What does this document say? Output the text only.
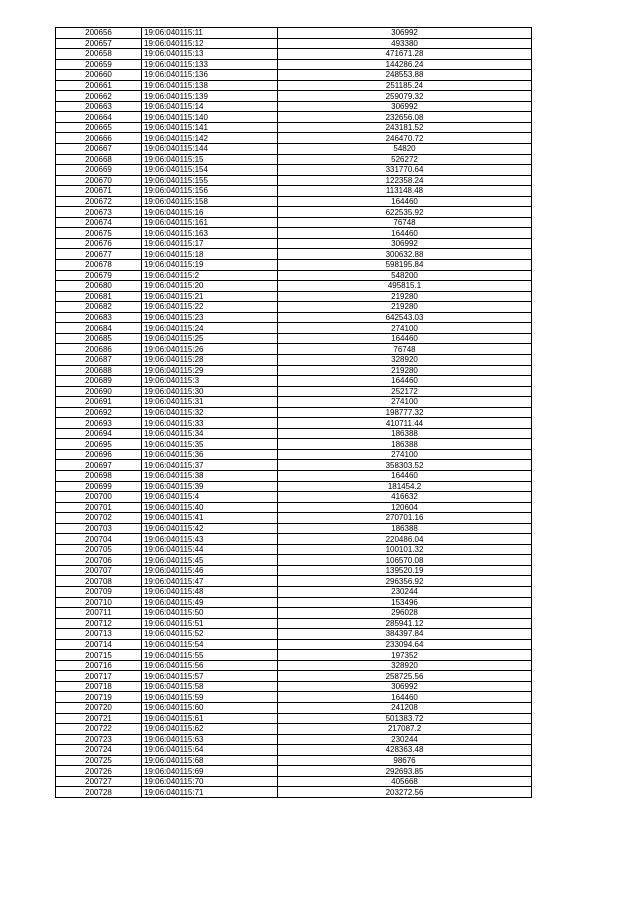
200656	19:06:040115:11	306992
200657	19:06:040115:12	493380
200658	19:06:040115:13	471671.28
200659	19:06:040115:133	144286.24
200660	19:06:040115:136	248553.88
200661	19:06:040115:138	251185.24
200662	19:06:040115:139	259079.32
200663	19:06:040115:14	306992
200664	19:06:040115:140	232656.08
200665	19:06:040115:141	243181.52
200666	19:06:040115:142	246470.72
200667	19:06:040115:144	54820
200668	19:06:040115:15	526272
200669	19:06:040115:154	331770.64
200670	19:06:040115:155	122358.24
200671	19:06:040115:156	113148.48
200672	19:06:040115:158	164460
200673	19:06:040115:16	622535.92
200674	19:06:040115:161	76748
200675	19:06:040115:163	164460
200676	19:06:040115:17	306992
200677	19:06:040115:18	300632.88
200678	19:06:040115:19	598195.84
200679	19:06:040115:2	548200
200680	19:06:040115:20	495815.1
200681	19:06:040115:21	219280
200682	19:06:040115:22	219280
200683	19:06:040115:23	642543.03
200684	19:06:040115:24	274100
200685	19:06:040115:25	164460
200686	19:06:040115:26	76748
200687	19:06:040115:28	328920
200688	19:06:040115:29	219280
200689	19:06:040115:3	164460
200690	19:06:040115:30	252172
200691	19:06:040115:31	274100
200692	19:06:040115:32	198777.32
200693	19:06:040115:33	410711.44
200694	19:06:040115:34	186388
200695	19:06:040115:35	186388
200696	19:06:040115:36	274100
200697	19:06:040115:37	358303.52
200698	19:06:040115:38	164460
200699	19:06:040115:39	181454.2
200700	19:06:040115:4	416632
200701	19:06:040115:40	120604
200702	19:06:040115:41	270701.16
200703	19:06:040115:42	186388
200704	19:06:040115:43	220486.04
200705	19:06:040115:44	100101.32
200706	19:06:040115:45	106570.08
200707	19:06:040115:46	139520.19
200708	19:06:040115:47	296356.92
200709	19:06:040115:48	230244
200710	19:06:040115:49	153496
200711	19:06:040115:50	296028
200712	19:06:040115:51	285941.12
200713	19:06:040115:52	384397.84
200714	19:06:040115:54	233094.64
200715	19:06:040115:55	197352
200716	19:06:040115:56	328920
200717	19:06:040115:57	258725.56
200718	19:06:040115:58	306992
200719	19:06:040115:59	164460
200720	19:06:040115:60	241208
200721	19:06:040115:61	501383.72
200722	19:06:040115:62	217087.2
200723	19:06:040115:63	230244
200724	19:06:040115:64	428363.48
200725	19:06:040115:68	98676
200726	19:06:040115:69	292693.85
200727	19:06:040115:70	405668
200728	19:06:040115:71	203272.56
